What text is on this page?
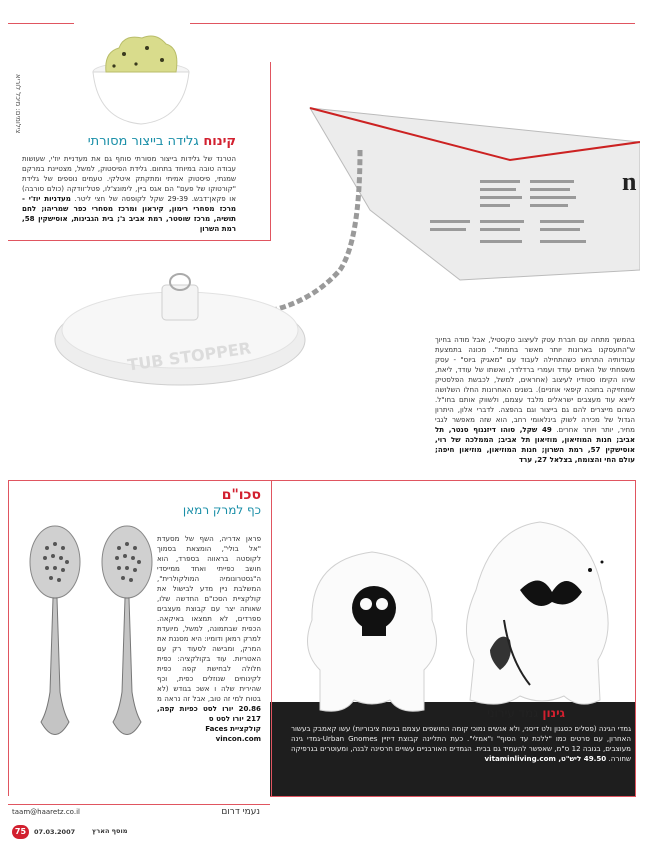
צילומים: מיכל לוריא
קינוח גלידה בייצור מסורתי
הטרנד של גלידות בייצור מסורתי סוחף גם את מעדניית יוז'י, שעושות עבודה טובה במיוחד בתחום. גלידת הפיסטוק, למשל, מצטיינת במרקם שמנתי, פיסטוק אמיתי ומתקתק איטלקי. טעמים נוספים של גלידת "קורטוקו של פעם" הם אגס ביין, לימונצ'לו, פטל־וודקה (כולם סורבה) או פקאן־דבש. 29-39 שקל לקופסה של חצי ליטר. מעדניות יוז'י - מרכז מסחרי רימון, קיראון ומרכז מסחרי כפר שמריהו; לחם תושיה, מרכז שוסטר, רמת אביב ג'; בית הגבינות, אוסישקין 58, רמת השרון
n
TUB STOPPER	בהמשך מתחה עם חברת עטק לעיצוב טקסטיל, אבל מודה בחיוך ש"התעסקנו בארונות יותר מאשר בחמות". מכונה בתמצעת עבודותיה התרחש כשהתחילה לעבוד עם "מאגיק ביוס" - עסק משפחתי של האחים עודד ועמרי ברדלדר, ואשתו של עודד, ליאת, שיהו הקימו סטודיו לעיצוב (אחראים, למשל, לכבשת הפלסטיק שמחזיקה בחוכה קיפאי אוזניים). בשנים האחרונות החלו השלושה לייצא עוד מעצבים ישראלים מלבד עצמם, ולשווק אותם בחו"ל. כשהם מייצרים להם גם בייצור וגם בהפצה. לדברי אלון, היתרון הגדול של מכירה לשוק בינלאומי רחב, הוא שזה מאפשר לגבי מחיר, יותר ויותר אחרים. 49 שקל, סוהו דיזנגוף סנטר, תל אביב; חנות המוזיאון, מוזיאון תל אביב; הממלכה של רוי, אוסישקין 57, רמת השרון; חנות המוזיאון, מוזיאון חיפה; עולם החי והצומח, בצלאל 27, ערד
סכו"ם
כף למרק רמאן
פראן אדריה, השף של מסעדת "אל בולי", הומצאת בסמוך לקוסטה בראווה בספרד, הוא חושב כפייתי ואחד ממייסדי ה"גסטרונומיה המולקולרית", המשלבת ניין מדע לבישול את קולקציית הסכו"ם החדשה שלו, שאותה יצר עם קבוצת מעצבים ספרדים, לא תמצאו באיקאה. הכפית שבתמונה, למשל, מיועדת למרק רמאן ודומיו: היא מסננת את המרק, ומבישה לסעוד רק עם האטריות. עוד בקולקציה: כפית חלולה לבחישת קפה כפית לקינוחים שנוזלים כפית, וכף שהירית שלה ו אשכ בגודש (לא בטוח למי זה טוב, אבל זה נראה מ 20.86 יורו לסט כפיות קפה, 217 יורו לסט ס
קולקציית Faces
vincon.com
גינון גמד עירוני
גמדי הגינה (פסלים כסגנון ולט דיסני, ולא אנשים נמוכי קומה החושפים עצמם בגינות ציבוריות) עשו קאמבק בעשור האחרון, עם סרטים כמו "ללכת עד הסוף" ו"אמלי". כעת התליינה קבוצת דיזיין Urban Gnomes-גמדי גינה מעוצבים, בגובה 12 ס"מ, שאפשר להעמיד גם בבית. הגמדים האורבניים עשויים חרסינה לבנה, ומעוטרים בגרפיקה שחורה. 49.50 ליש"ט, vitaminliving.com
taam@haaretz.co.il	נעמי דרום
75	07.03.2007	מוסף הארץ
